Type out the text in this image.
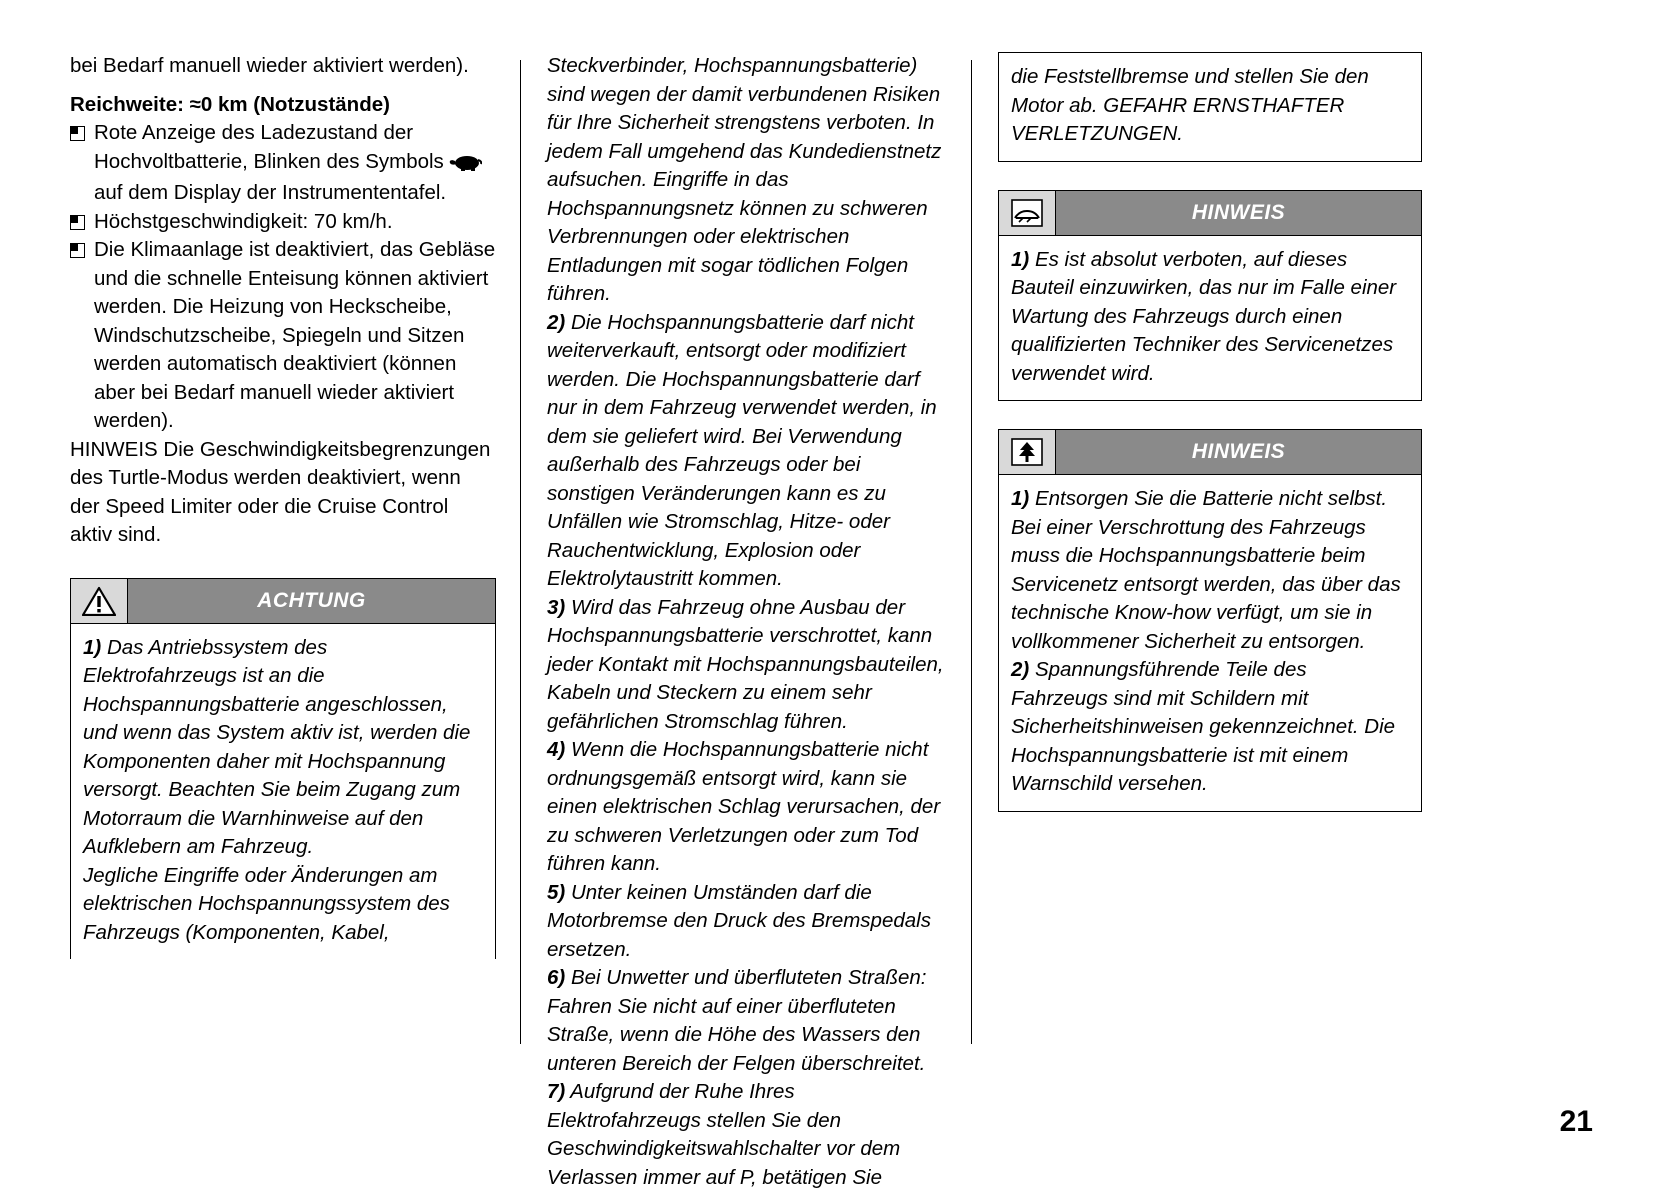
bei Bedarf manuell wieder aktiviert werden).

Reichweite: ≈0 km (Notzustände)
Rote Anzeige des Ladezustand der Hochvoltbatterie, Blinken des Symbolsauf dem Display der Instrumententafel.
Höchstgeschwindigkeit: 70 km/h.
Die Klimaanlage ist deaktiviert, das Gebläse und die schnelle Enteisung können aktiviert werden. Die Heizung von Heckscheibe, Windschutzscheibe, Spiegeln und Sitzen werden automatisch deaktiviert (können aber bei Bedarf manuell wieder aktiviert werden).

HINWEIS Die Geschwindigkeitsbegrenzungen des Turtle-Modus werden deaktiviert, wenn der Speed Limiter oder die Cruise Control aktiv sind.

ACHTUNG

1) Das Antriebssystem des Elektrofahrzeugs ist an die Hochspannungsbatterie angeschlossen, und wenn das System aktiv ist, werden die Komponenten daher mit Hochspannung versorgt. Beachten Sie beim Zugang zum Motorraum die Warnhinweise auf den Aufklebern am Fahrzeug.

Jegliche Eingriffe oder Änderungen am elektrischen Hochspannungssystem des Fahrzeugs (Komponenten, Kabel,

Steckverbinder, Hochspannungsbatterie) sind wegen der damit verbundenen Risiken für Ihre Sicherheit strengstens verboten. In jedem Fall umgehend das Kundedienstnetz aufsuchen. Eingriffe in das Hochspannungsnetz können zu schweren Verbrennungen oder elektrischen Entladungen mit sogar tödlichen Folgen führen.

2) Die Hochspannungsbatterie darf nicht weiterverkauft, entsorgt oder modifiziert werden. Die Hochspannungsbatterie darf nur in dem Fahrzeug verwendet werden, in dem sie geliefert wird. Bei Verwendung außerhalb des Fahrzeugs oder bei sonstigen Veränderungen kann es zu Unfällen wie Stromschlag, Hitze- oder Rauchentwicklung, Explosion oder Elektrolytaustritt kommen.

3) Wird das Fahrzeug ohne Ausbau der Hochspannungsbatterie verschrottet, kann jeder Kontakt mit Hochspannungsbauteilen, Kabeln und Steckern zu einem sehr gefährlichen Stromschlag führen.

4) Wenn die Hochspannungsbatterie nicht ordnungsgemäß entsorgt wird, kann sie einen elektrischen Schlag verursachen, der zu schweren Verletzungen oder zum Tod führen kann.

5) Unter keinen Umständen darf die Motorbremse den Druck des Bremspedals ersetzen.

6) Bei Unwetter und überfluteten Straßen: Fahren Sie nicht auf einer überfluteten Straße, wenn die Höhe des Wassers den unteren Bereich der Felgen überschreitet.

7) Aufgrund der Ruhe Ihres Elektrofahrzeugs stellen Sie den Geschwindigkeitswahlschalter vor dem Verlassen immer auf P, betätigen Sie

die Feststellbremse und stellen Sie den Motor ab. GEFAHR ERNSTHAFTER VERLETZUNGEN.

HINWEIS

1) Es ist absolut verboten, auf dieses Bauteil einzuwirken, das nur im Falle einer Wartung des Fahrzeugs durch einen qualifizierten Techniker des Servicenetzes verwendet wird.

HINWEIS

1) Entsorgen Sie die Batterie nicht selbst. Bei einer Verschrottung des Fahrzeugs muss die Hochspannungsbatterie beim Servicenetz entsorgt werden, das über das technische Know-how verfügt, um sie in vollkommener Sicherheit zu entsorgen.

2) Spannungsführende Teile des Fahrzeugs sind mit Schildern mit Sicherheitshinweisen gekennzeichnet. Die Hochspannungsbatterie ist mit einem Warnschild versehen.

21
